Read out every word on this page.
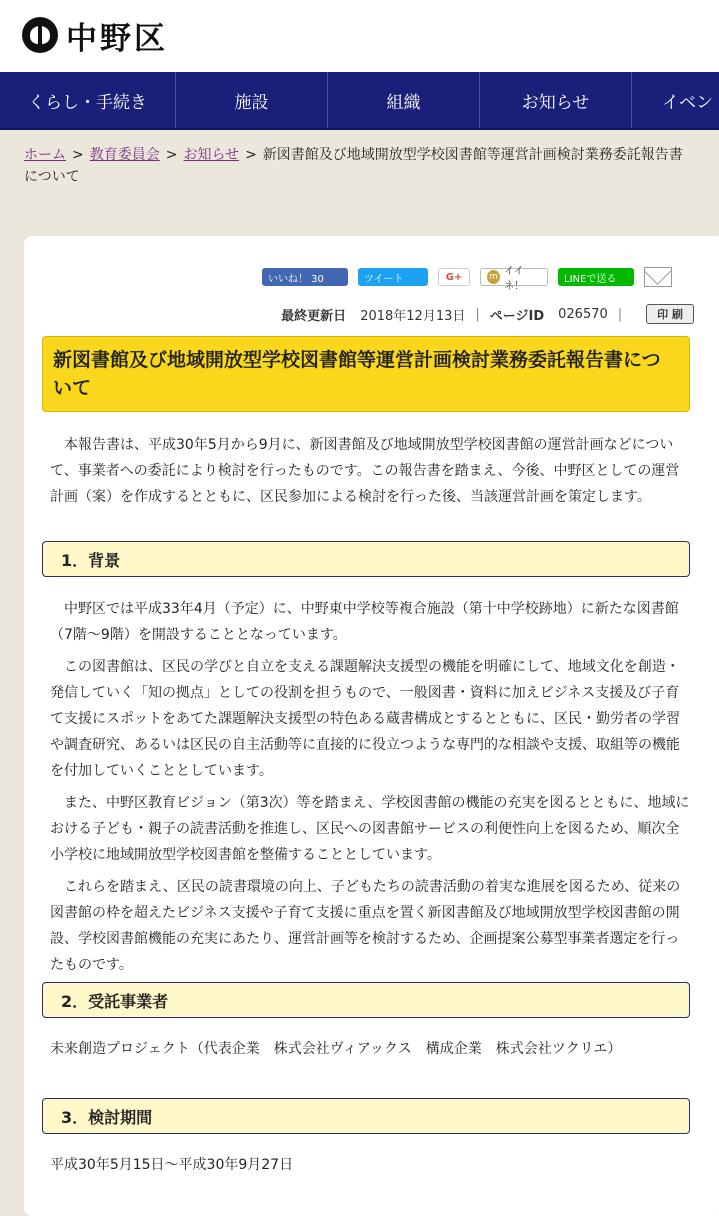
中野区
くらし・手続き	施設	組織	お知らせ	イベン
ホーム > 教育委員会 > お知らせ > 新図書館及び地域開放型学校図書館等運営計画検討業務委託報告書について
いいね！ 30	ツイート	G+	m イイネ！
LINEで送る
最終更新日 2018年12月13日 | ページID 026570 |	印 刷
新図書館及び地域開放型学校図書館等運営計画検討業務委託報告書について
本報告書は、平成30年5月から9月に、新図書館及び地域開放型学校図書館の運営計画などについて、事業者への委託により検討を行ったものです。この報告書を踏まえ、今後、中野区としての運営計画（案）を作成するとともに、区民参加による検討を行った後、当該運営計画を策定します。
1．背景
中野区では平成33年4月（予定）に、中野東中学校等複合施設（第十中学校跡地）に新たな図書館（7階〜9階）を開設することとなっています。
この図書館は、区民の学びと自立を支える課題解決支援型の機能を明確にして、地域文化を創造・発信していく「知の拠点」としての役割を担うもので、一般図書・資料に加えビジネス支援及び子育て支援にスポットをあてた課題解決支援型の特色ある蔵書構成とするとともに、区民・勤労者の学習や調査研究、あるいは区民の自主活動等に直接的に役立つような専門的な相談や支援、取組等の機能を付加していくこととしています。
また、中野区教育ビジョン（第3次）等を踏まえ、学校図書館の機能の充実を図るとともに、地域における子ども・親子の読書活動を推進し、区民への図書館サービスの利便性向上を図るため、順次全小学校に地域開放型学校図書館を整備することとしています。
これらを踏まえ、区民の読書環境の向上、子どもたちの読書活動の着実な進展を図るため、従来の図書館の枠を超えたビジネス支援や子育て支援に重点を置く新図書館及び地域開放型学校図書館の開設、学校図書館機能の充実にあたり、運営計画等を検討するため、企画提案公募型事業者選定を行ったものです。
2．受託事業者
未来創造プロジェクト（代表企業　株式会社ヴィアックス　構成企業　株式会社ツクリエ）
3．検討期間
平成30年5月15日〜平成30年9月27日
